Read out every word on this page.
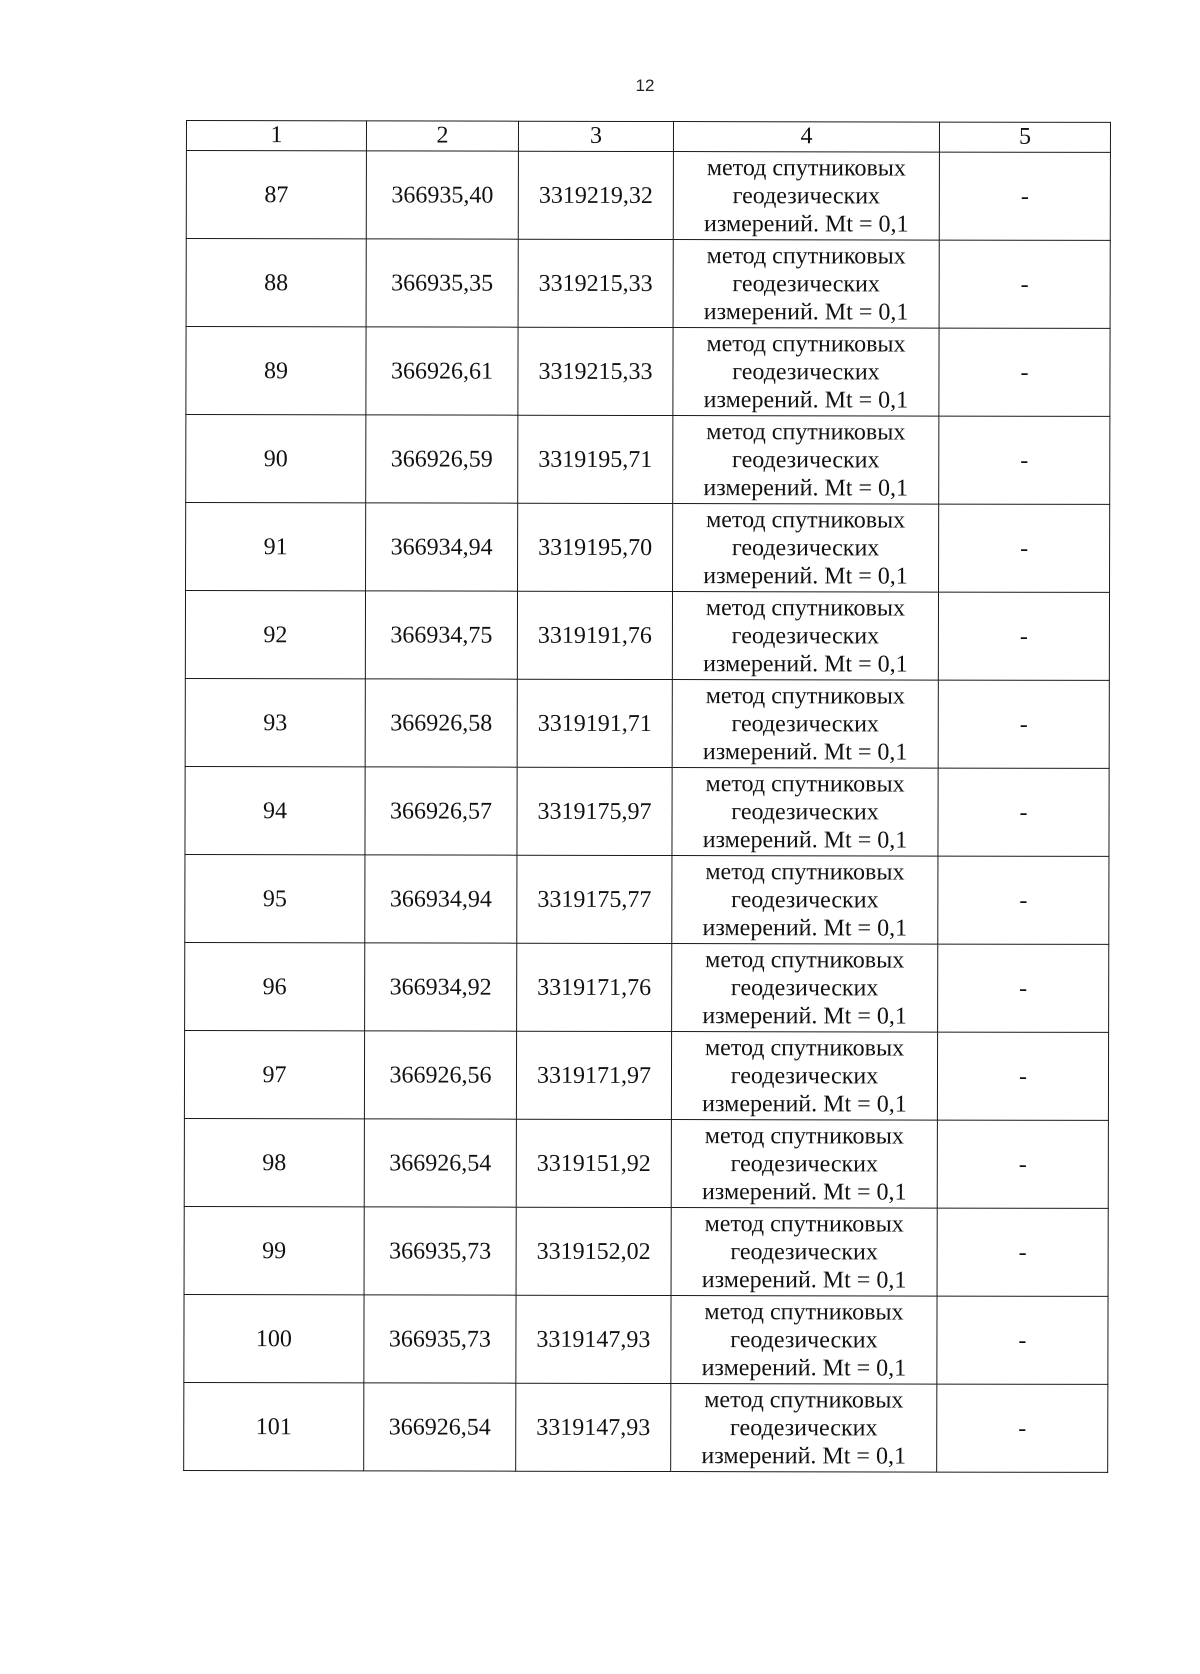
12
1	2	3	4	5
87	366935,40	3319219,32	метод спутниковых
геодезических
измерений. Mt = 0,1	-
88	366935,35	3319215,33	метод спутниковых
геодезических
измерений. Mt = 0,1	-
89	366926,61	3319215,33	метод спутниковых
геодезических
измерений. Mt = 0,1	-
90	366926,59	3319195,71	метод спутниковых
геодезических
измерений. Mt = 0,1	-
91	366934,94	3319195,70	метод спутниковых
геодезических
измерений. Mt = 0,1	-
92	366934,75	3319191,76	метод спутниковых
геодезических
измерений. Mt = 0,1	-
93	366926,58	3319191,71	метод спутниковых
геодезических
измерений. Mt = 0,1	-
94	366926,57	3319175,97	метод спутниковых
геодезических
измерений. Mt = 0,1	-
95	366934,94	3319175,77	метод спутниковых
геодезических
измерений. Mt = 0,1	-
96	366934,92	3319171,76	метод спутниковых
геодезических
измерений. Mt = 0,1	-
97	366926,56	3319171,97	метод спутниковых
геодезических
измерений. Mt = 0,1	-
98	366926,54	3319151,92	метод спутниковых
геодезических
измерений. Mt = 0,1	-
99	366935,73	3319152,02	метод спутниковых
геодезических
измерений. Mt = 0,1	-
100	366935,73	3319147,93	метод спутниковых
геодезических
измерений. Mt = 0,1	-
101	366926,54	3319147,93	метод спутниковых
геодезических
измерений. Mt = 0,1	-
